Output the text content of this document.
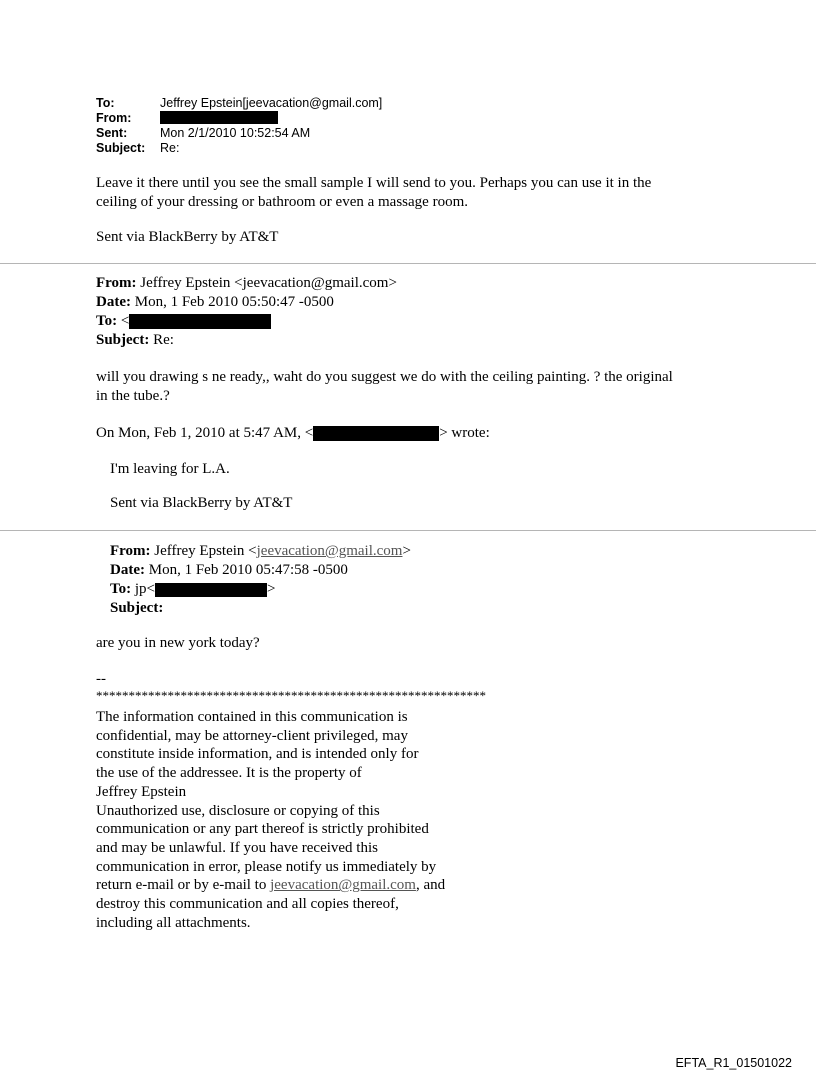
To:	Jeffrey Epstein[jeevacation@gmail.com]
From:
Sent:	Mon 2/1/2010 10:52:54 AM
Subject:	Re:
Leave it there until you see the small sample I will send to you. Perhaps you can use it in the
ceiling of your dressing or bathroom or even a massage room.
Sent via BlackBerry by AT&T
From: Jeffrey Epstein <jeevacation@gmail.com>
Date: Mon, 1 Feb 2010 05:50:47 -0500
To: <
Subject: Re:
will you drawing s ne ready,, waht do you suggest we do with the ceiling painting. ? the original
in the tube.?
On Mon, Feb 1, 2010 at 5:47 AM, <	> wrote:
I'm leaving for L.A.
Sent via BlackBerry by AT&T
From: Jeffrey Epstein <jeevacation@gmail.com>
Date: Mon, 1 Feb 2010 05:47:58 -0500
To: jp<	>
Subject:
are you in new york today?
--
************************************************************
The information contained in this communication is
confidential, may be attorney-client privileged, may
constitute inside information, and is intended only for
the use of the addressee. It is the property of
Jeffrey Epstein
Unauthorized use, disclosure or copying of this
communication or any part thereof is strictly prohibited
and may be unlawful. If you have received this
communication in error, please notify us immediately by
return e-mail or by e-mail to jeevacation@gmail.com, and
destroy this communication and all copies thereof,
including all attachments.
EFTA_R1_01501022
